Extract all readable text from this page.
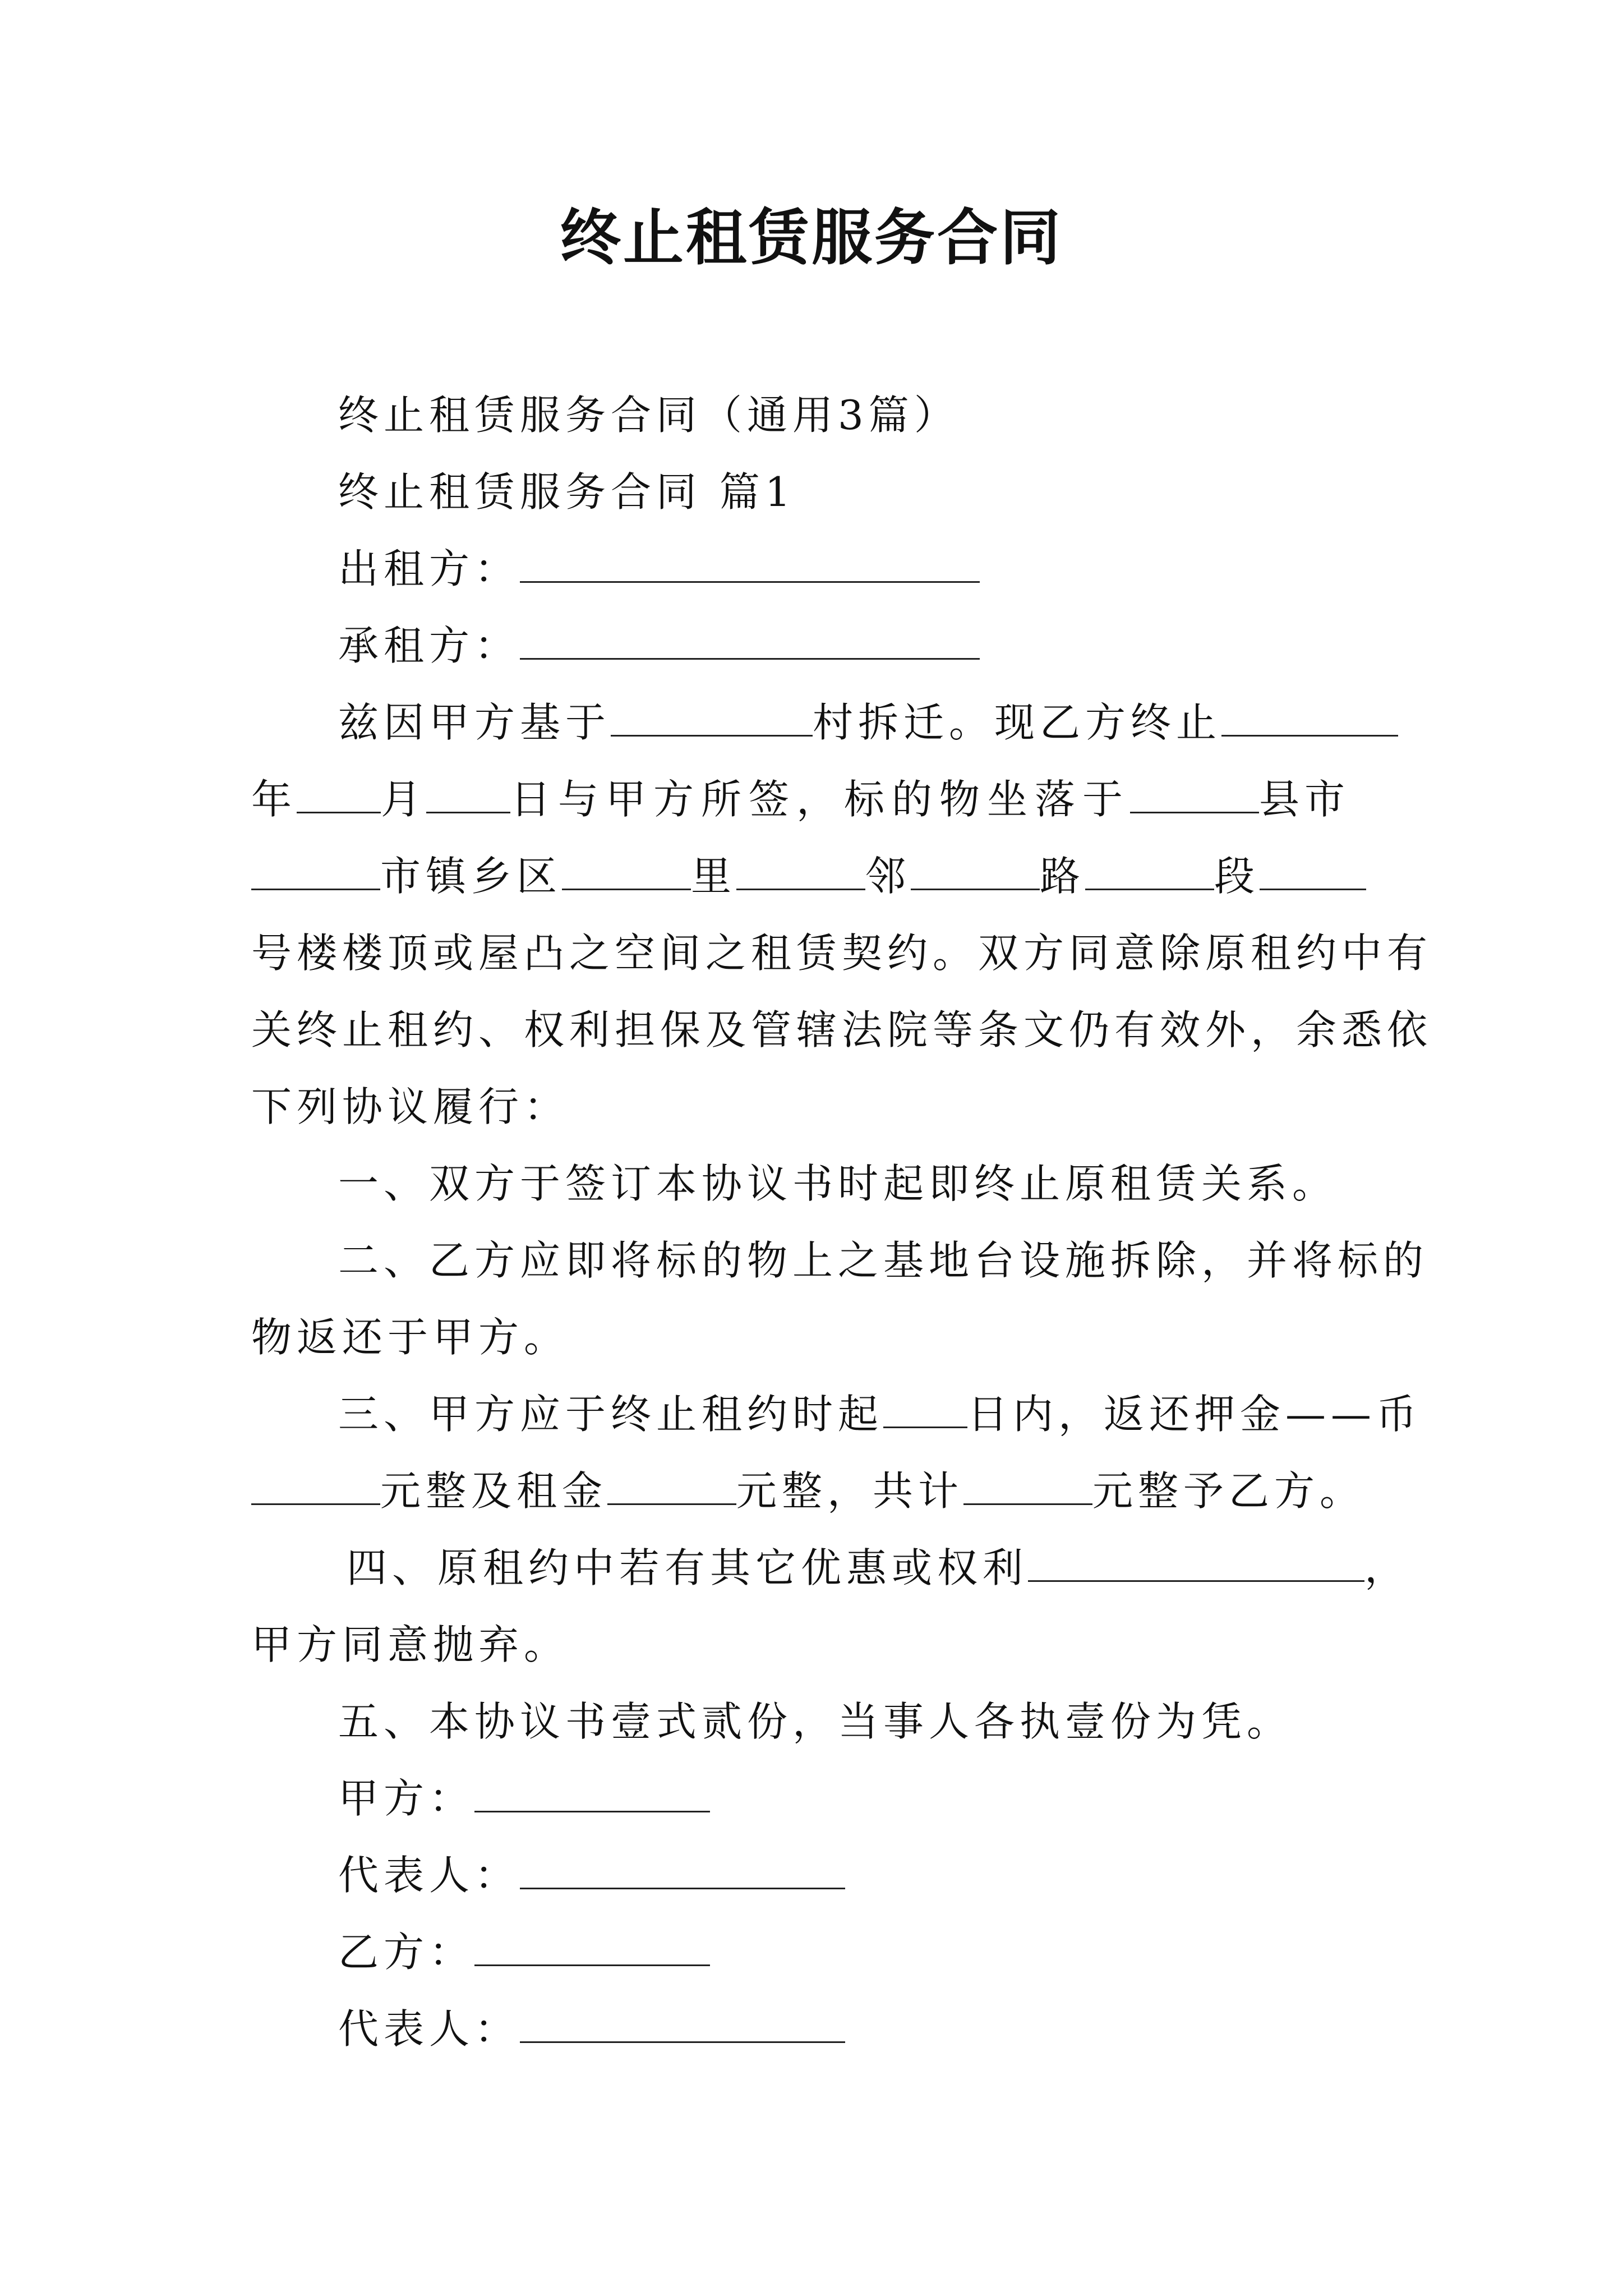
终止租赁服务合同
终止租赁服务合同（通用3篇）
终止租赁服务合同 篇1
出租方：
承租方：
兹因甲方基于	村拆迁。现乙方终止
年 月 日与甲方所签，标的物坐落于	县市
市镇乡区	里	邻	路	段
号楼楼顶或屋凸之空间之租赁契约。双方同意除原租约中有
关终止租约、权利担保及管辖法院等条文仍有效外，余悉依
下列协议履行：
一、双方于签订本协议书时起即终止原租赁关系。
二、乙方应即将标的物上之基地台设施拆除，并将标的
物返还于甲方。
三、甲方应于终止租约时起 日内，返还押金——币
元整及租金	元整，共计	元整予乙方。
四、原租约中若有其它优惠或权利	，
甲方同意抛弃。
五、本协议书壹式贰份，当事人各执壹份为凭。
甲方：
代表人：
乙方：
代表人：
